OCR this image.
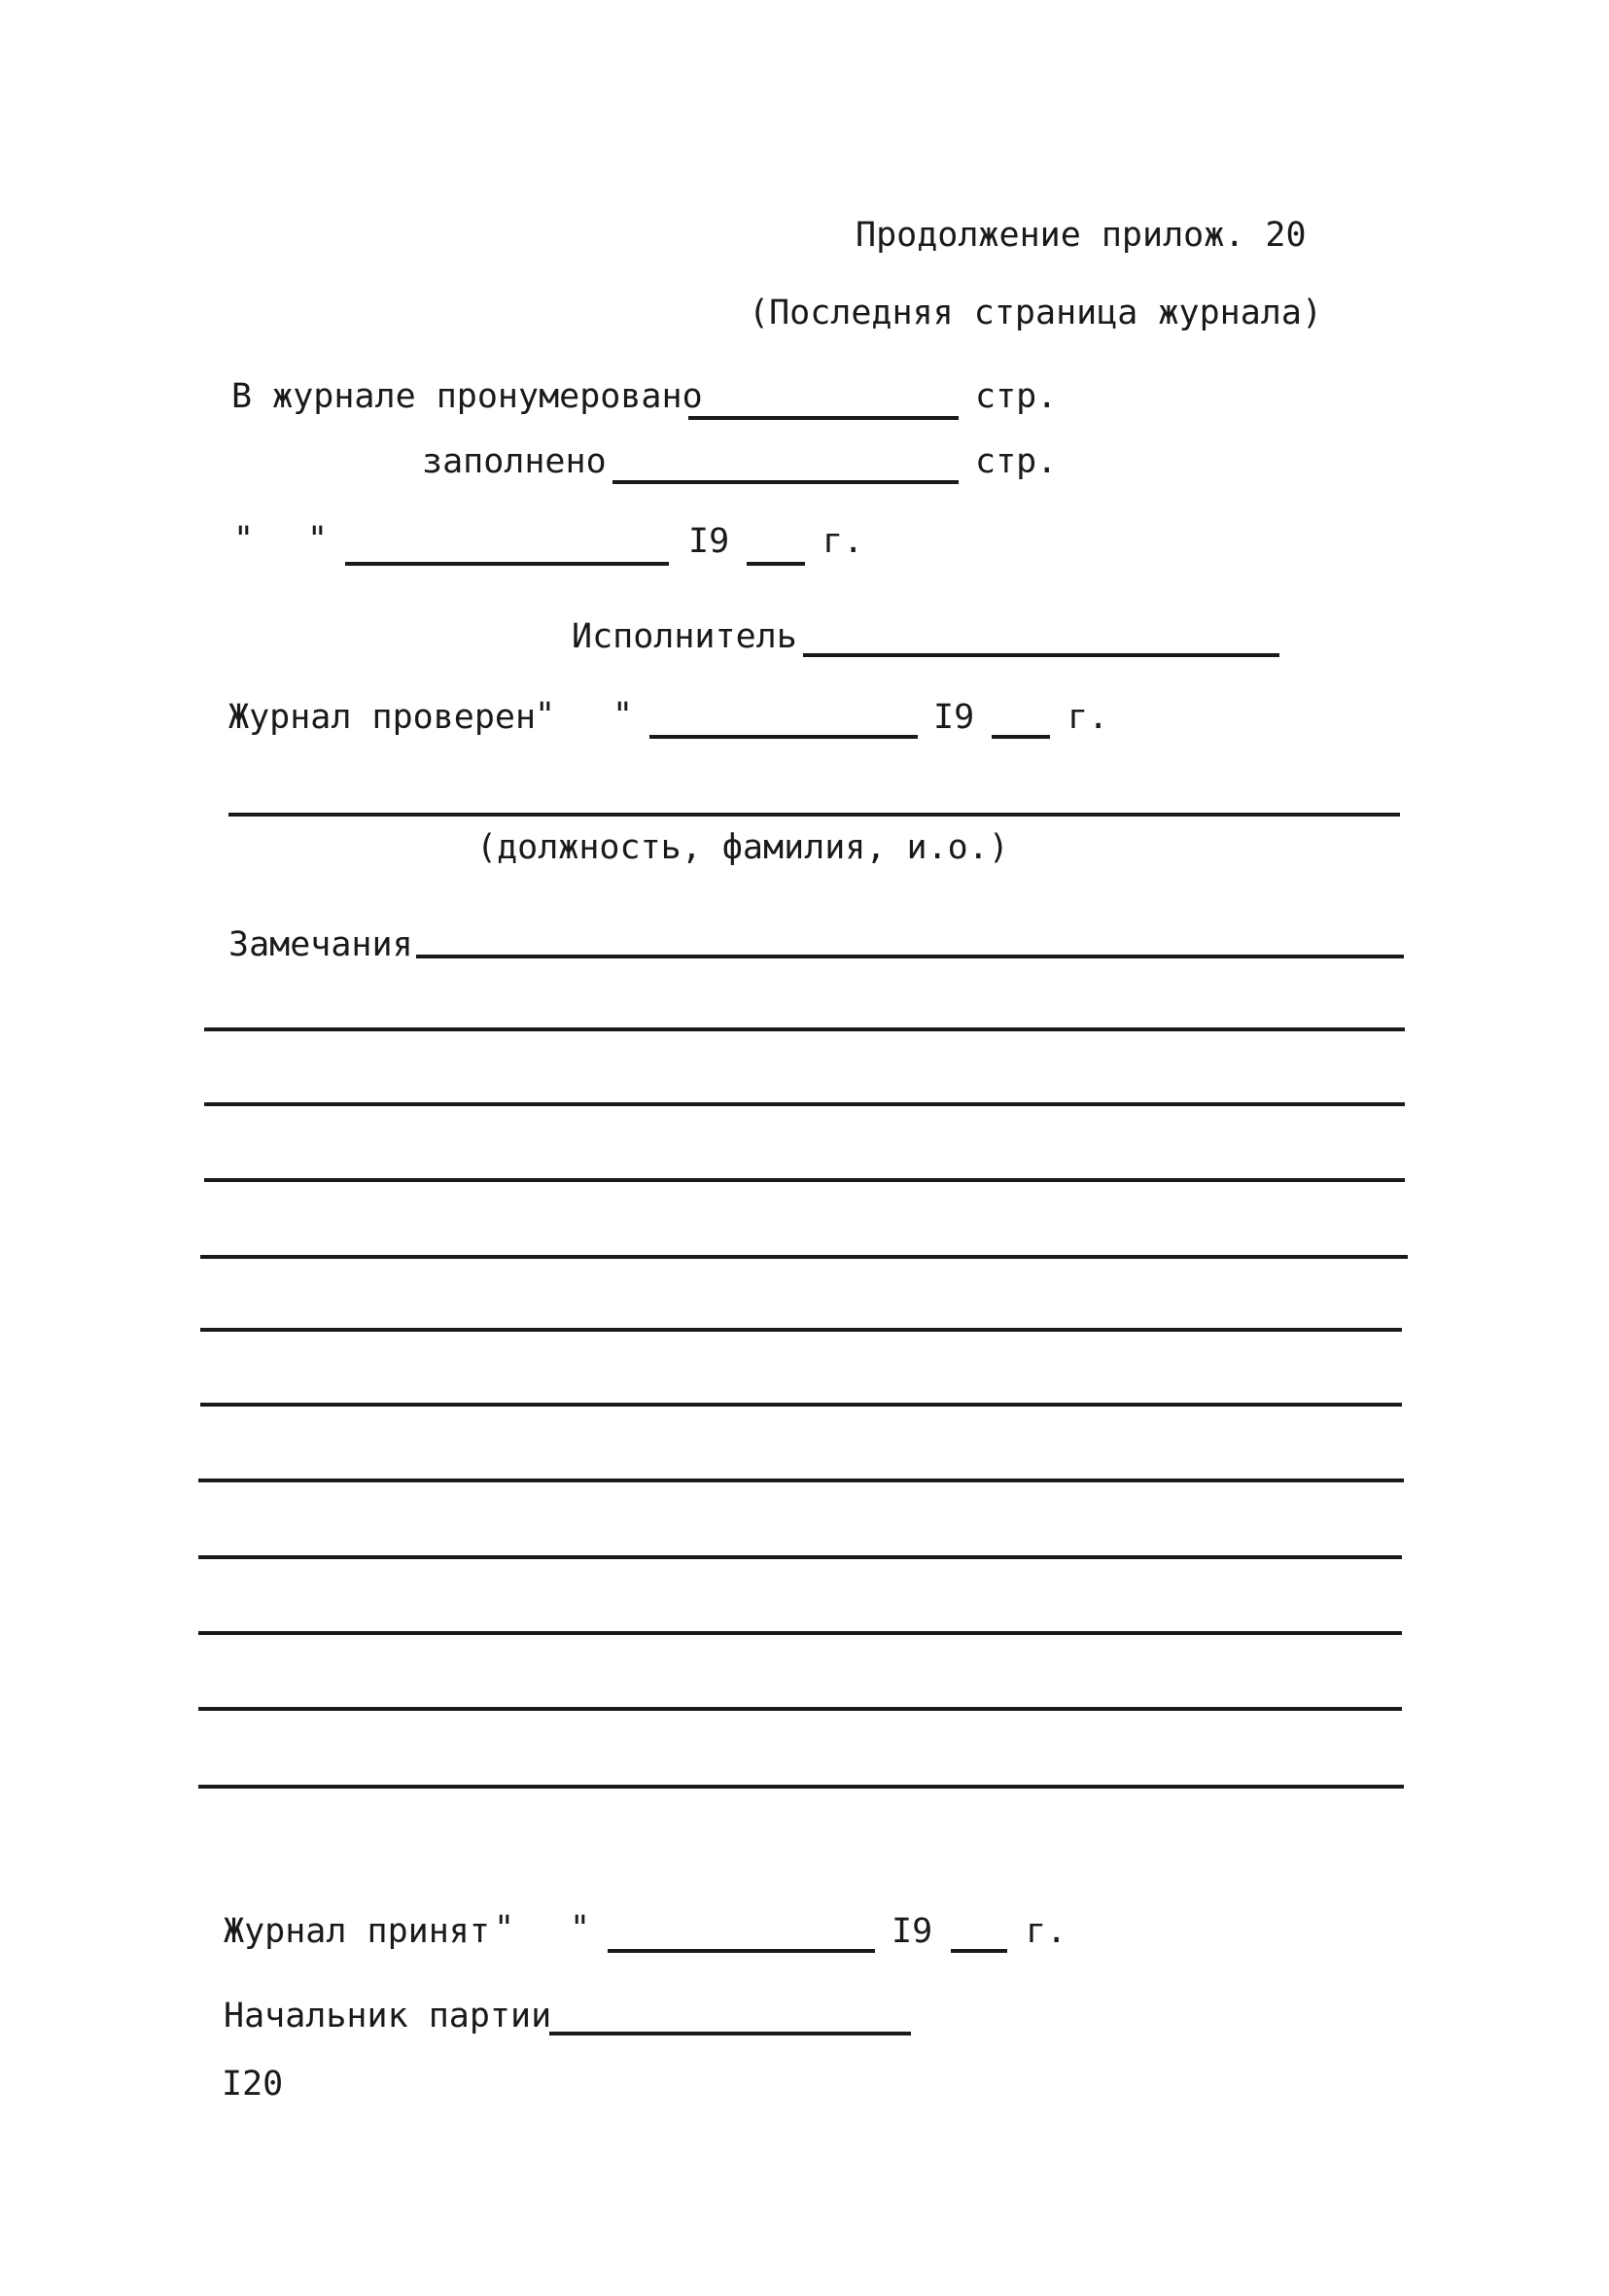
Продолжение прилож. 20
(Последняя страница журнала)
В журнале пронумеровано	стр.
заполнено	стр.
" "	I9	г.
Исполнитель
Журнал проверен
" "	I9	г.
(должность, фамилия, и.о.)
Замечания
Журнал принят " "	I9	г.
Начальник партии
I20
